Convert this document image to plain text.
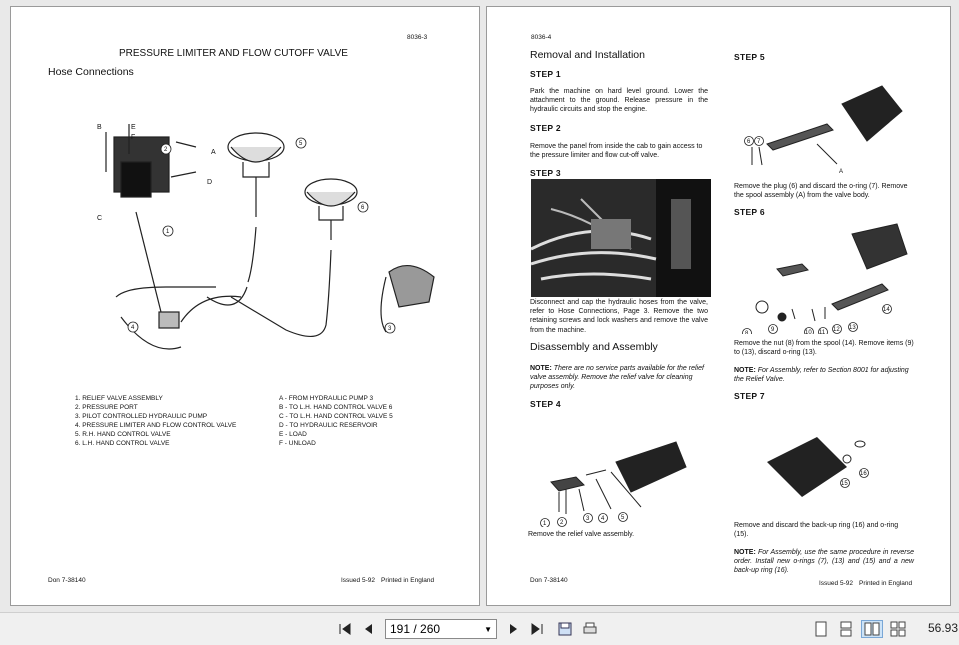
8036-3
PRESSURE LIMITER AND FLOW CUTOFF VALVE
Hose Connections
B	E
F
A
D
C
1
2
3
4
5
6
1. RELIEF VALVE ASSEMBLY
2. PRESSURE PORT
3. PILOT CONTROLLED HYDRAULIC PUMP
4. PRESSURE LIMITER AND FLOW CONTROL VALVE
5. R.H. HAND CONTROL VALVE
6. L.H. HAND CONTROL VALVE
A - FROM HYDRAULIC PUMP 3
B - TO L.H. HAND CONTROL VALVE 6
C - TO L.H. HAND CONTROL VALVE 5
D - TO HYDRAULIC RESERVOIR
E - LOAD
F - UNLOAD
Don 7-38140	Issued 5-92 Printed in England
8036-4
Removal and Installation
STEP 1
Park the machine on hard level ground. Lower the attachment to the ground. Release pressure in the hydraulic circuits and stop the engine.
STEP 2
Remove the panel from inside the cab to gain access to the pressure limiter and flow cut-off valve.
STEP 3
Disconnect and cap the hydraulic hoses from the valve, refer to Hose Connections, Page 3. Remove the two retaining screws and lock washers and remove the valve from the machine.
Disassembly and Assembly
NOTE: There are no service parts available for the relief valve assembly. Remove the relief valve for cleaning purposes only.
STEP 4
1 2
3 4	5
Remove the relief valve assembly.
STEP 5
6 7
A
Remove the plug (6) and discard the o-ring (7). Remove the spool assembly (A) from the valve body.
STEP 6
8
9	10 11 12 13
14
Remove the nut (8) from the spool (14). Remove items (9) to (13), discard o-ring (13).
NOTE: For Assembly, refer to Section 8001 for adjusting the Relief Valve.
STEP 7
15
16
Remove and discard the back-up ring (16) and o-ring (15).
NOTE: For Assembly, use the same procedure in reverse order. Install new o-rings (7), (13) and (15) and a new back-up ring (16).
Don 7-38140	Issued 5-92 Printed in England
191 / 260	▼	56.93
